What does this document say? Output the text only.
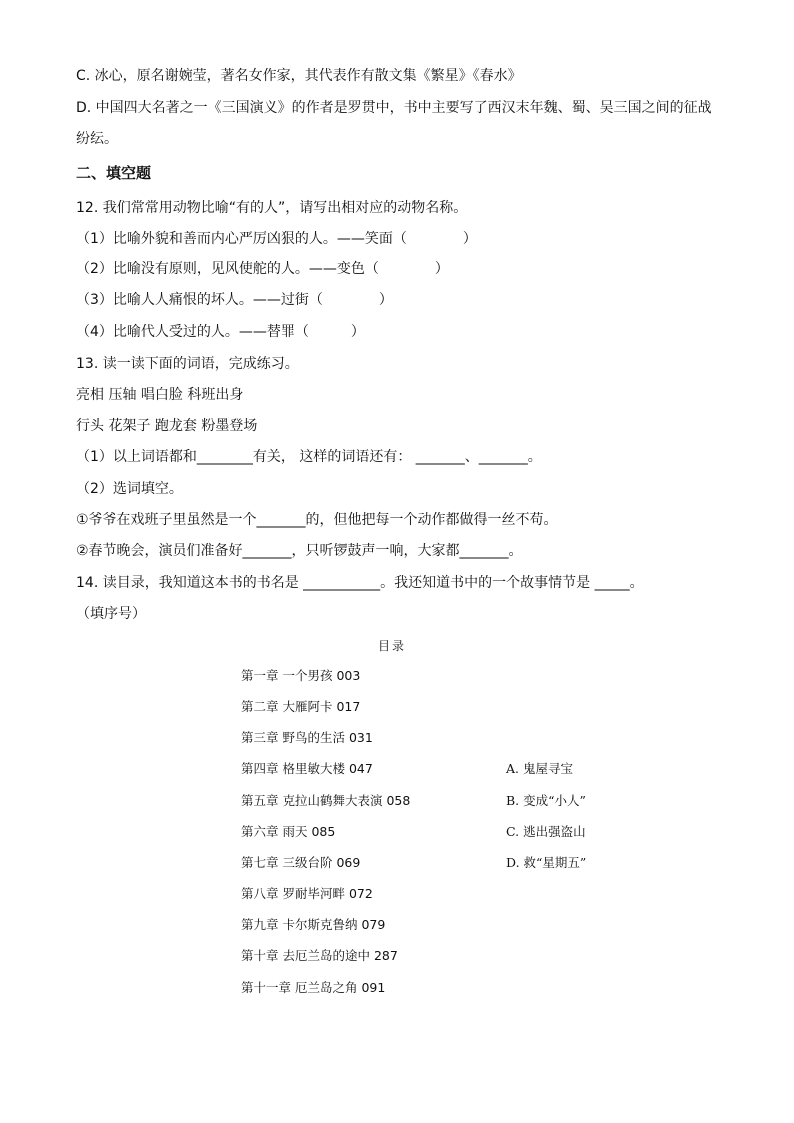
C. 冰心，原名谢婉莹，著名女作家，其代表作有散文集《繁星》《春水》
D. 中国四大名著之一《三国演义》的作者是罗贯中，书中主要写了西汉末年魏、蜀、吴三国之间的征战
纷纭。
二、填空题
12. 我们常常用动物比喻“有的人”，请写出相对应的动物名称。
（1）比喻外貌和善而内心严厉凶狠的人。——笑面（　　　　）
（2）比喻没有原则，见风使舵的人。——变色（　　　　）
（3）比喻人人痛恨的坏人。——过街（　　　　）
（4）比喻代人受过的人。——替罪（　　　）
13. 读一读下面的词语，完成练习。
亮相 压轴 唱白脸 科班出身
行头 花架子 跑龙套 粉墨登场
（1）以上词语都和________有关， 这样的词语还有： _______、_______。
（2）选词填空。
①爷爷在戏班子里虽然是一个_______的，但他把每一个动作都做得一丝不苟。
②春节晚会，演员们准备好_______，只听锣鼓声一响，大家都_______。
14. 读目录，我知道这本书的书名是 ___________。我还知道书中的一个故事情节是 _____。
（填序号）
目录
第一章 一个男孩 003
第二章 大雁阿卡 017
第三章 野鸟的生活 031
第四章 格里敏大楼 047
第五章 克拉山鹤舞大表演 058
第六章 雨天 085
第七章 三级台阶 069
第八章 罗耐毕河畔 072
第九章 卡尔斯克鲁纳 079
第十章 去厄兰岛的途中 287
第十一章 厄兰岛之角 091
A. 鬼屋寻宝
B. 变成“小人”
C. 逃出强盗山
D. 救“星期五”
